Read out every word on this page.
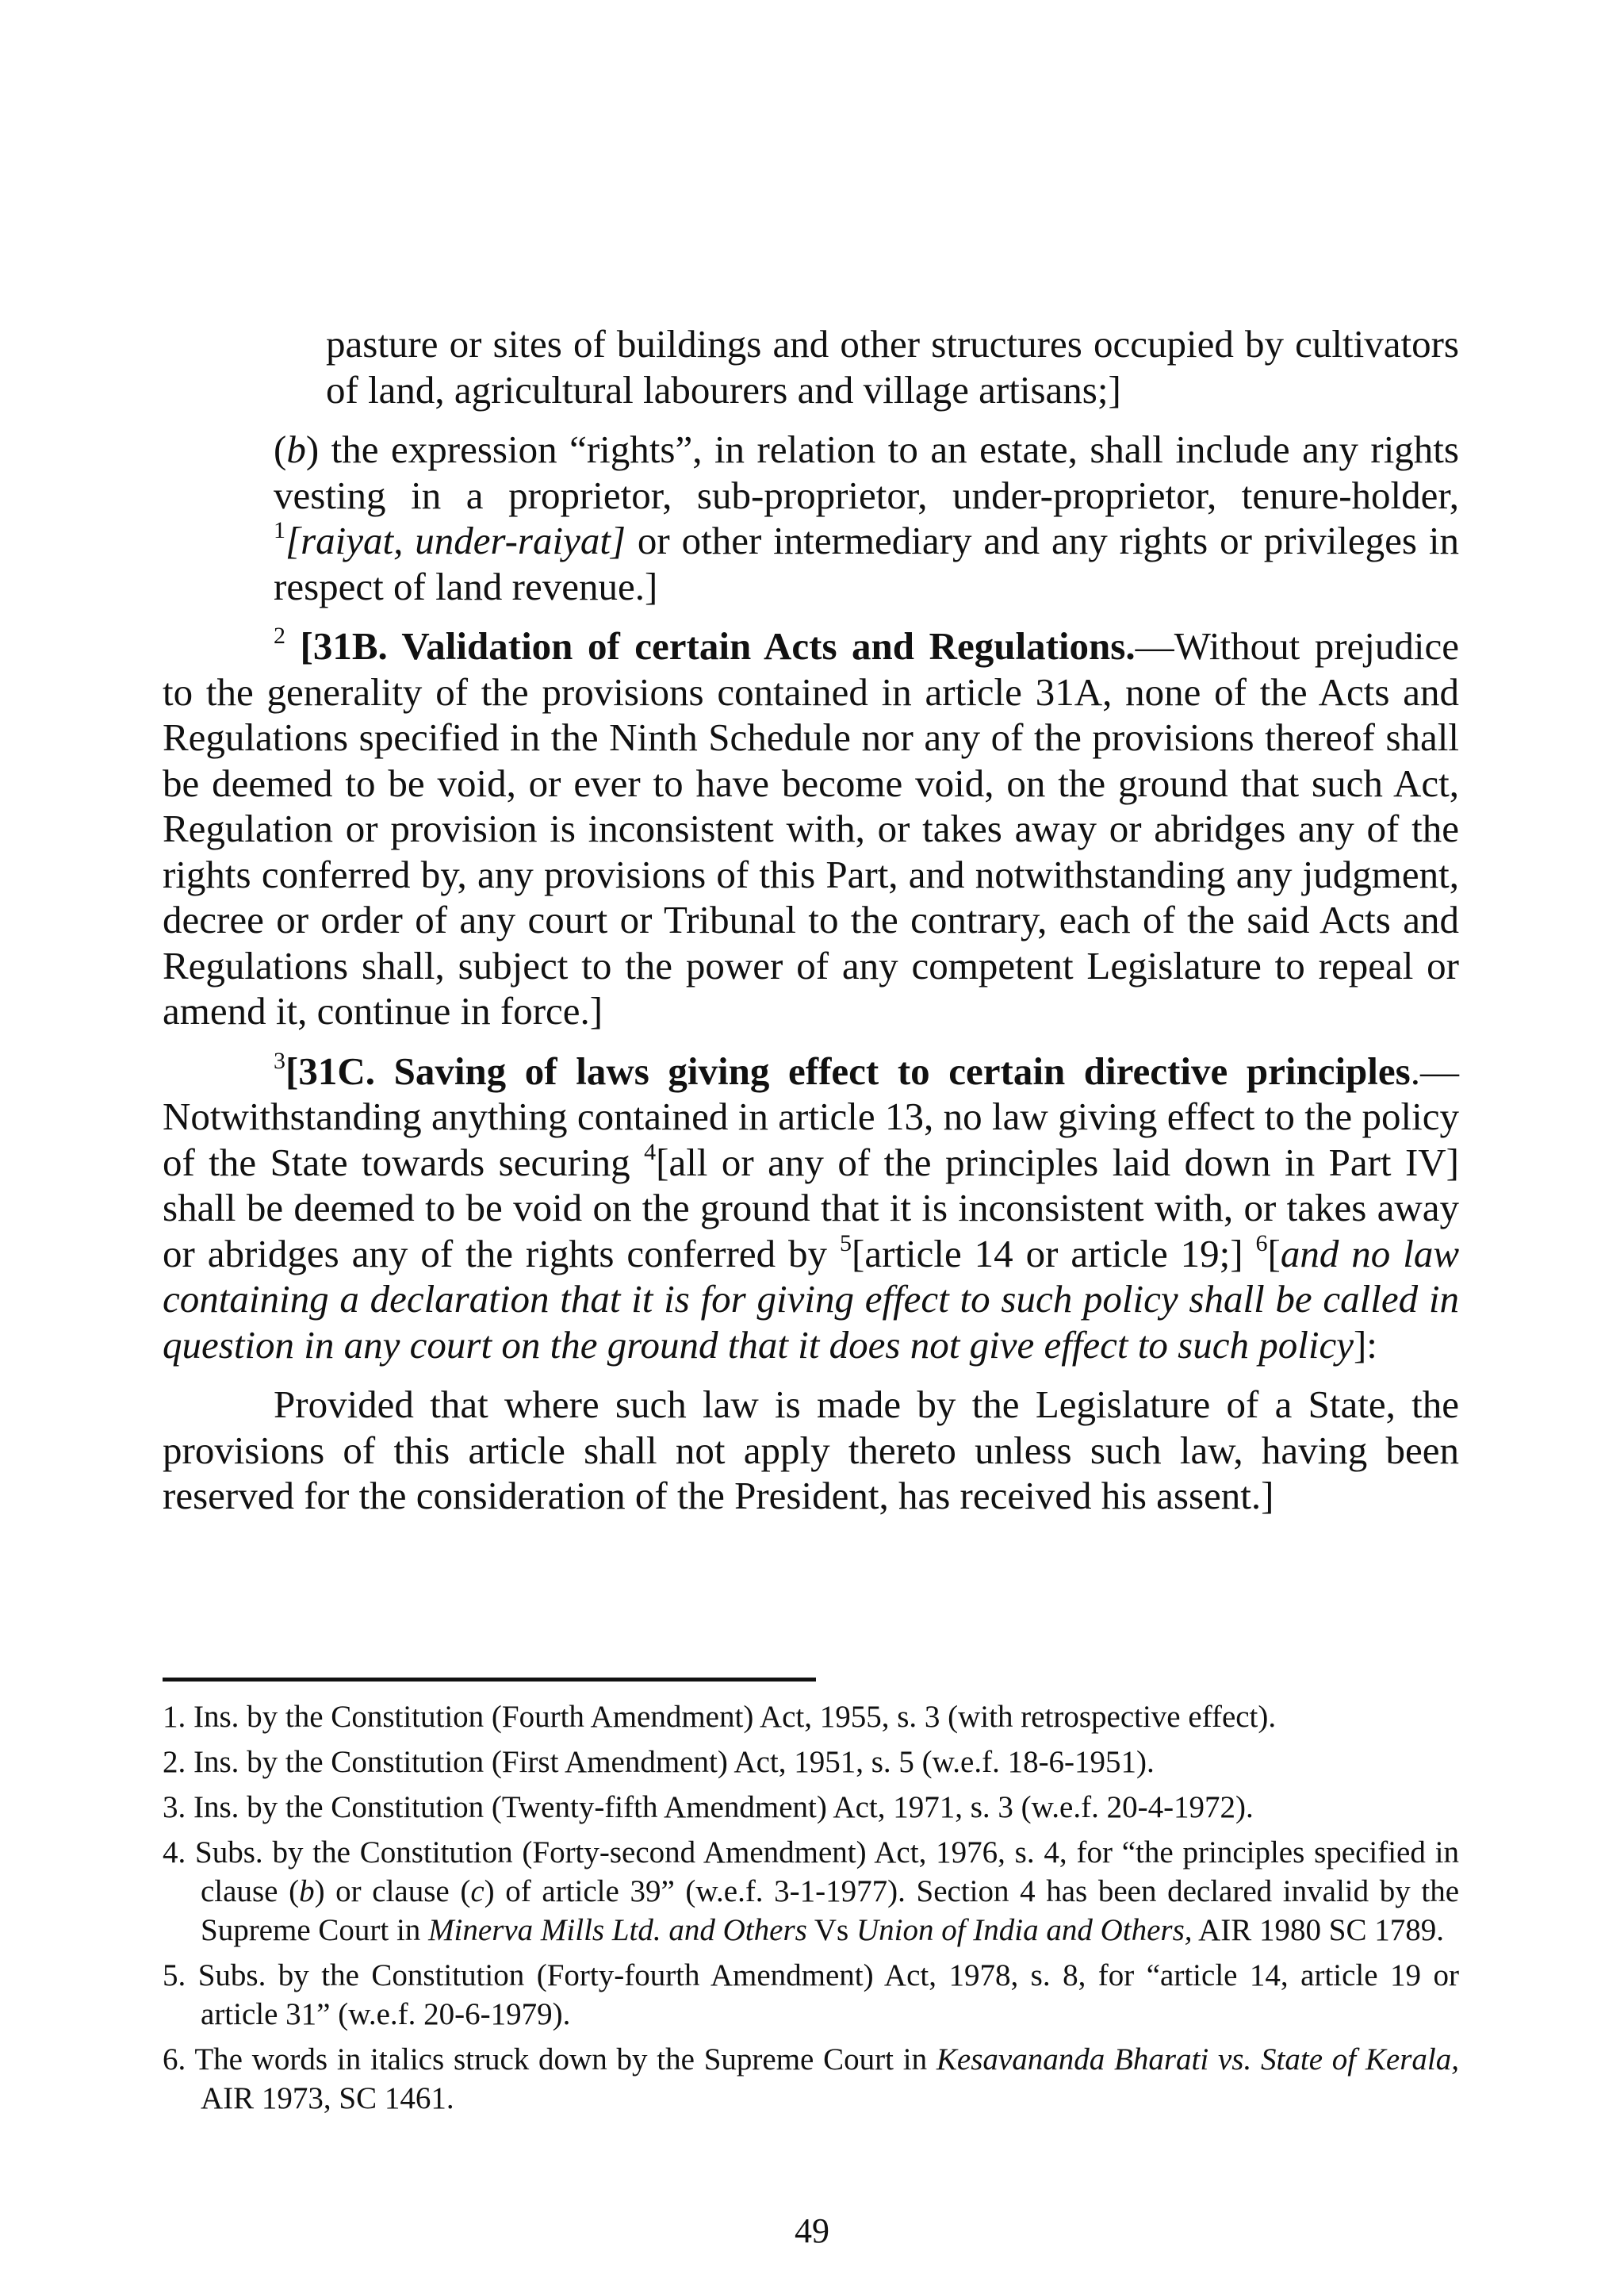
pasture or sites of buildings and other structures occupied by cultivators of land, agricultural labourers and village artisans;]

(b) the expression “rights”, in relation to an estate, shall include any rights vesting in a proprietor, sub-proprietor, under-proprietor, tenure-holder, $^1$[raiyat, under-raiyat] or other intermediary and any rights or privileges in respect of land revenue.]

$^2$ [31B. Validation of certain Acts and Regulations.—Without prejudice to the generality of the provisions contained in article 31A, none of the Acts and Regulations specified in the Ninth Schedule nor any of the provisions thereof shall be deemed to be void, or ever to have become void, on the ground that such Act, Regulation or provision is inconsistent with, or takes away or abridges any of the rights conferred by, any provisions of this Part, and notwithstanding any judgment, decree or order of any court or Tribunal to the contrary, each of the said Acts and Regulations shall, subject to the power of any competent Legislature to repeal or amend it, continue in force.]

$^3$[31C. Saving of laws giving effect to certain directive principles.— Notwithstanding anything contained in article 13, no law giving effect to the policy of the State towards securing $^4$[all or any of the principles laid down in Part IV] shall be deemed to be void on the ground that it is inconsistent with, or takes away or abridges any of the rights conferred by $^5$[article 14 or article 19;] $^6$[and no law containing a declaration that it is for giving effect to such policy shall be called in question in any court on the ground that it does not give effect to such policy]:

Provided that where such law is made by the Legislature of a State, the provisions of this article shall not apply thereto unless such law, having been reserved for the consideration of the President, has received his assent.]

1. Ins. by the Constitution (Fourth Amendment) Act, 1955, s. 3 (with retrospective effect).

2. Ins. by the Constitution (First Amendment) Act, 1951, s. 5 (w.e.f. 18-6-1951).

3. Ins. by the Constitution (Twenty-fifth Amendment) Act, 1971, s. 3 (w.e.f. 20-4-1972).

4. Subs. by the Constitution (Forty-second Amendment) Act, 1976, s. 4, for “the principles specified in clause (b) or clause (c) of article 39” (w.e.f. 3-1-1977). Section 4 has been declared invalid by the Supreme Court in Minerva Mills Ltd. and Others Vs Union of India and Others, AIR 1980 SC 1789.

5. Subs. by the Constitution (Forty-fourth Amendment) Act, 1978, s. 8, for “article 14, article 19 or article 31” (w.e.f. 20-6-1979).

6. The words in italics struck down by the Supreme Court in Kesavananda Bharati vs. State of Kerala, AIR 1973, SC 1461.

49
